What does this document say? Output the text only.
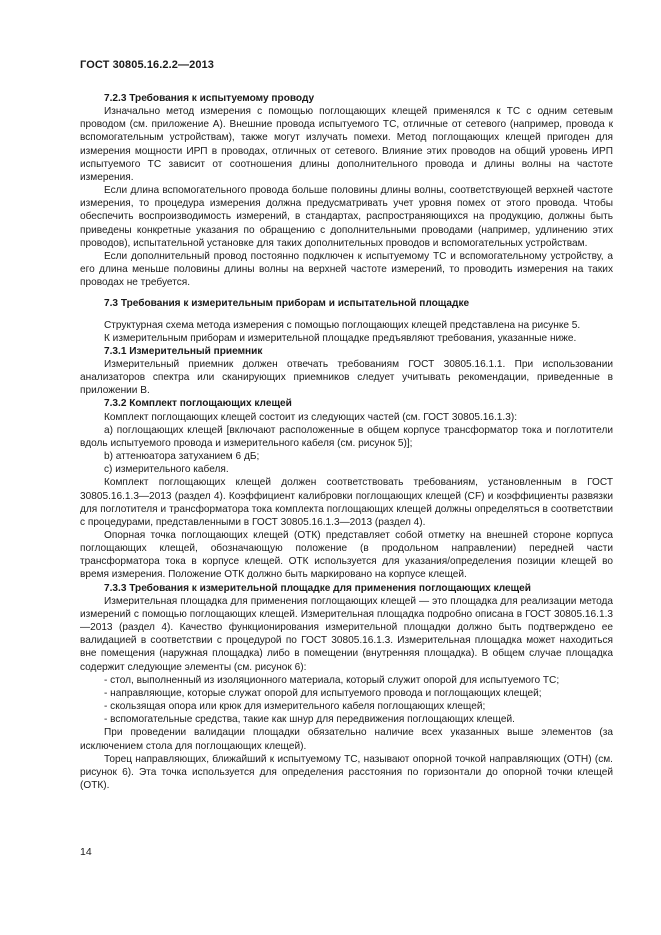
ГОСТ 30805.16.2.2—2013

7.2.3 Требования к испытуемому проводу

Изначально метод измерения с помощью поглощающих клещей применялся к ТС с одним сетевым проводом (см. приложение А). Внешние провода испытуемого ТС, отличные от сетевого (например, провода к вспомогательным устройствам), также могут излучать помехи. Метод поглощающих клещей пригоден для измерения мощности ИРП в проводах, отличных от сетевого. Влияние этих проводов на общий уровень ИРП испытуемого ТС зависит от соотношения длины дополнительного провода и длины волны на частоте измерения.

Если длина вспомогательного провода больше половины длины волны, соответствующей верхней частоте измерения, то процедура измерения должна предусматривать учет уровня помех от этого провода. Чтобы обеспечить воспроизводимость измерений, в стандартах, распространяющихся на продукцию, должны быть приведены конкретные указания по обращению с дополнительными проводами (например, удлинению этих проводов), испытательной установке для таких дополнительных проводов и вспомогательных устройствам.

Если дополнительный провод постоянно подключен к испытуемому ТС и вспомогательному устройству, а его длина меньше половины длины волны на верхней частоте измерений, то проводить измерения на таких проводах не требуется.

7.3 Требования к измерительным приборам и испытательной площадке

Структурная схема метода измерения с помощью поглощающих клещей представлена на рисунке 5.

К измерительным приборам и измерительной площадке предъявляют требования, указанные ниже.

7.3.1 Измерительный приемник

Измерительный приемник должен отвечать требованиям ГОСТ 30805.16.1.1. При использовании анализаторов спектра или сканирующих приемников следует учитывать рекомендации, приведенные в приложении В.

7.3.2 Комплект поглощающих клещей

Комплект поглощающих клещей состоит из следующих частей (см. ГОСТ 30805.16.1.3):

а) поглощающих клещей [включают расположенные в общем корпусе трансформатор тока и поглотители вдоль испытуемого провода и измерительного кабеля (см. рисунок 5)];

b) аттенюатора затуханием 6 дБ;

c) измерительного кабеля.

Комплект поглощающих клещей должен соответствовать требованиям, установленным в ГОСТ 30805.16.1.3—2013 (раздел 4). Коэффициент калибровки поглощающих клещей (CF) и коэффициенты развязки для поглотителя и трансформатора тока комплекта поглощающих клещей должны определяться в соответствии с процедурами, представленными в ГОСТ 30805.16.1.3—2013 (раздел 4).

Опорная точка поглощающих клещей (ОТК) представляет собой отметку на внешней стороне корпуса поглощающих клещей, обозначающую положение (в продольном направлении) передней части трансформатора тока в корпусе клещей. ОТК используется для указания/определения позиции клещей во время измерения. Положение ОТК должно быть маркировано на корпусе клещей.

7.3.3 Требования к измерительной площадке для применения поглощающих клещей

Измерительная площадка для применения поглощающих клещей — это площадка для реализации метода измерений с помощью поглощающих клещей. Измерительная площадка подробно описана в ГОСТ 30805.16.1.3—2013 (раздел 4). Качество функционирования измерительной площадки должно быть подтверждено ее валидацией в соответствии с процедурой по ГОСТ 30805.16.1.3. Измерительная площадка может находиться вне помещения (наружная площадка) либо в помещении (внутренняя площадка). В общем случае площадка содержит следующие элементы (см. рисунок 6):

- стол, выполненный из изоляционного материала, который служит опорой для испытуемого ТС;

- направляющие, которые служат опорой для испытуемого провода и поглощающих клещей;

- скользящая опора или крюк для измерительного кабеля поглощающих клещей;

- вспомогательные средства, такие как шнур для передвижения поглощающих клещей.

При проведении валидации площадки обязательно наличие всех указанных выше элементов (за исключением стола для поглощающих клещей).

Торец направляющих, ближайший к испытуемому ТС, называют опорной точкой направляющих (ОТН) (см. рисунок 6). Эта точка используется для определения расстояния по горизонтали до опорной точки клещей (ОТК).

14
